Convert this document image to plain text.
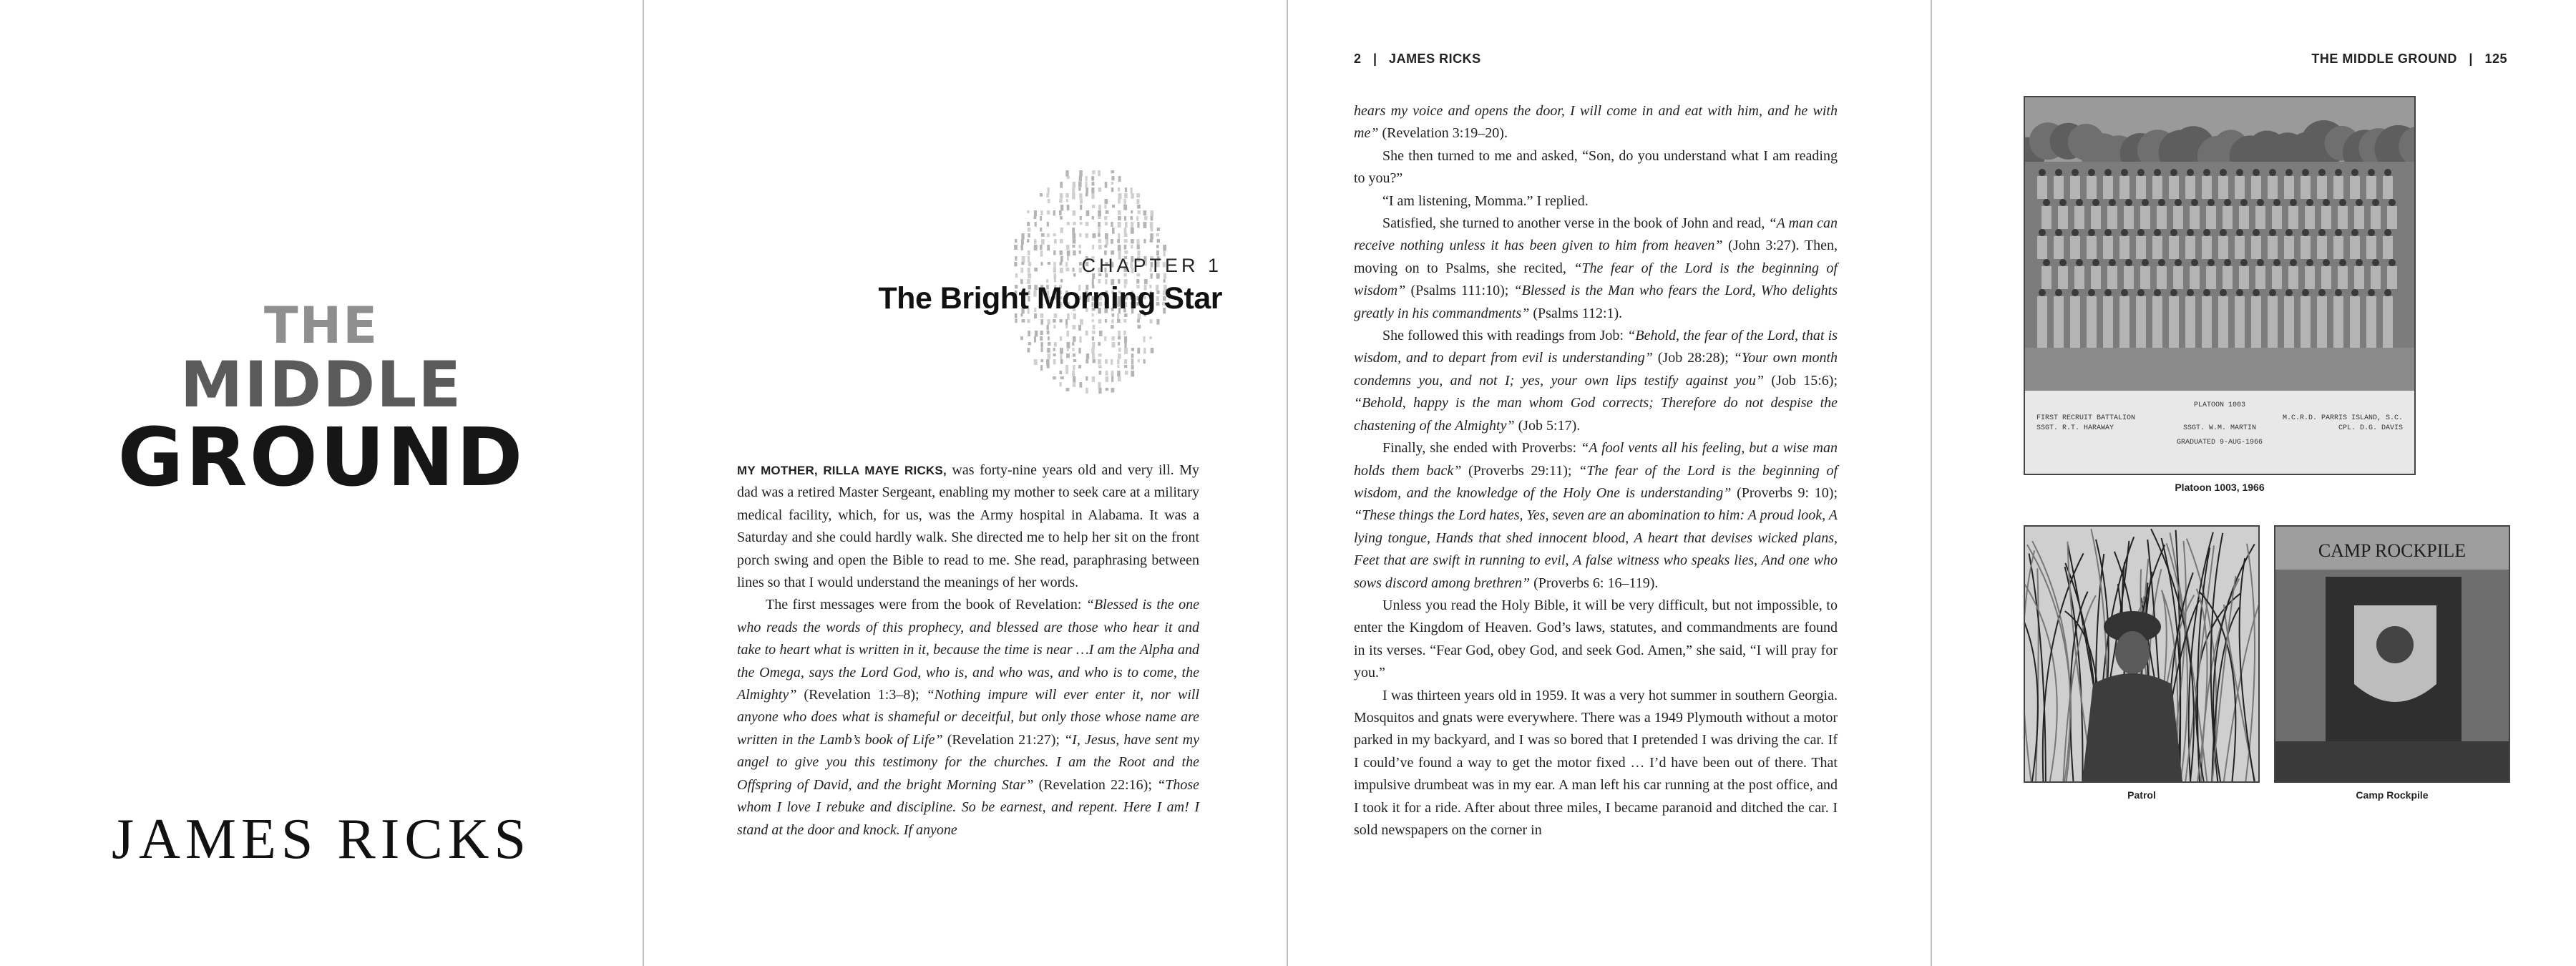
THE
MIDDLE
GROUND
JAMES RICKS
CHAPTER 1
The Bright Morning Star

MY MOTHER, RILLA MAYE RICKS, was forty-nine years old and very ill. My dad was a retired Master Sergeant, enabling my mother to seek care at a military medical facility, which, for us, was the Army hospital in Alabama. It was a Saturday and she could hardly walk. She directed me to help her sit on the front porch swing and open the Bible to read to me. She read, paraphrasing between lines so that I would understand the meanings of her words.

The first messages were from the book of Revelation: “Blessed is the one who reads the words of this prophecy, and blessed are those who hear it and take to heart what is written in it, because the time is near …I am the Alpha and the Omega, says the Lord God, who is, and who was, and who is to come, the Almighty” (Revelation 1:3–8); “Nothing impure will ever enter it, nor will anyone who does what is shameful or deceitful, but only those whose name are written in the Lamb’s book of Life” (Revelation 21:27); “I, Jesus, have sent my angel to give you this testimony for the churches. I am the Root and the Offspring of David, and the bright Morning Star” (Revelation 22:16); “Those whom I love I rebuke and discipline. So be earnest, and repent. Here I am! I stand at the door and knock. If anyone

2   |   JAMES RICKS

hears my voice and opens the door, I will come in and eat with him, and he with me” (Revelation 3:19–20).

She then turned to me and asked, “Son, do you understand what I am reading to you?”

“I am listening, Momma.” I replied.

Satisfied, she turned to another verse in the book of John and read, “A man can receive nothing unless it has been given to him from heaven” (John 3:27). Then, moving on to Psalms, she recited, “The fear of the Lord is the beginning of wisdom” (Psalms 111:10); “Blessed is the Man who fears the Lord, Who delights greatly in his commandments” (Psalms 112:1).

She followed this with readings from Job: “Behold, the fear of the Lord, that is wisdom, and to depart from evil is understanding” (Job 28:28); “Your own month condemns you, and not I; yes, your own lips testify against you” (Job 15:6); “Behold, happy is the man whom God corrects; Therefore do not despise the chastening of the Almighty” (Job 5:17).

Finally, she ended with Proverbs: “A fool vents all his feeling, but a wise man holds them back” (Proverbs 29:11); “The fear of the Lord is the beginning of wisdom, and the knowledge of the Holy One is understanding” (Proverbs 9: 10); “These things the Lord hates, Yes, seven are an abomination to him: A proud look, A lying tongue, Hands that shed innocent blood, A heart that devises wicked plans, Feet that are swift in running to evil, A false witness who speaks lies, And one who sows discord among brethren” (Proverbs 6: 16–119).

Unless you read the Holy Bible, it will be very difficult, but not impossible, to enter the Kingdom of Heaven. God’s laws, statutes, and commandments are found in its verses. “Fear God, obey God, and seek God. Amen,” she said, “I will pray for you.”

I was thirteen years old in 1959. It was a very hot summer in southern Georgia. Mosquitos and gnats were everywhere. There was a 1949 Plymouth without a motor parked in my backyard, and I was so bored that I pretended I was driving the car. If I could’ve found a way to get the motor fixed … I’d have been out of there. That impulsive drumbeat was in my ear. A man left his car running at the post office, and I took it for a ride. After about three miles, I became paranoid and ditched the car. I sold newspapers on the corner in

THE MIDDLE GROUND   |   125
PLATOON 1003
FIRST RECRUIT BATTALION
SSGT. R.T. HARAWAY	SSGT. W.M. MARTIN
M.C.R.D. PARRIS ISLAND, S.C.
CPL. D.G. DAVIS
GRADUATED 9-AUG-1966
Platoon 1003, 1966
Patrol
CAMP ROCKPILE
Camp Rockpile
